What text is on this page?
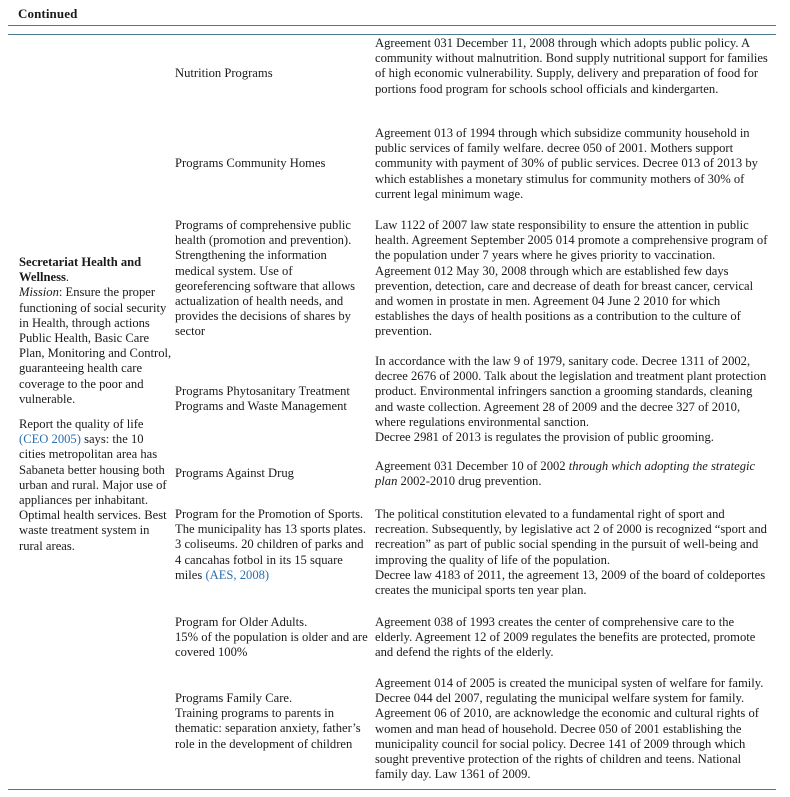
Continued

Secretariat Health and Wellness.
Mission: Ensure the proper functioning of social security in Health, through actions Public Health, Basic Care Plan, Monitoring and Control, guaranteeing health care coverage to the poor and vulnerable.

Report the quality of life (CEO 2005) says: the 10 cities metropolitan area has Sabaneta better housing both urban and rural. Major use of appliances per inhabitant. Optimal health services. Best waste treatment system in rural areas.

Nutrition Programs
Agreement 031 December 11, 2008 through which adopts public policy. A community without malnutrition. Bond supply nutritional support for families of high economic vulnerability. Supply, delivery and preparation of food for portions food program for schools school officials and kindergarten.
Programs Community Homes
Agreement 013 of 1994 through which subsidize community household in public services of family welfare. decree 050 of 2001. Mothers support community with payment of 30% of public services. Decree 013 of 2013 by which establishes a monetary stimulus for community mothers of 30% of current legal minimum wage.
Programs of comprehensive public health (promotion and prevention). Strengthening the information medical system. Use of georeferencing software that allows actualization of health needs, and provides the decisions of shares by sector
Law 1122 of 2007 law state responsibility to ensure the attention in public health. Agreement September 2005 014 promote a comprehensive program of the population under 7 years where he gives priority to vaccination. Agreement 012 May 30, 2008 through which are established few days prevention, detection, care and decrease of death for breast cancer, cervical and women in prostate in men. Agreement 04 June 2 2010 for which establishes the days of health positions as a contribution to the culture of prevention.
Programs Phytosanitary Treatment Programs and Waste Management
In accordance with the law 9 of 1979, sanitary code. Decree 1311 of 2002, decree 2676 of 2000. Talk about the legislation and treatment plant protection product. Environmental infringers sanction a grooming standards, cleaning and waste collection. Agreement 28 of 2009 and the decree 327 of 2010, where regulations environmental sanction.
Decree 2981 of 2013 is regulates the provision of public grooming.
Programs Against Drug	Agreement 031 December 10 of 2002 through which adopting the strategic plan 2002-2010 drug prevention.
Program for the Promotion of Sports.
The municipality has 13 sports plates. 3 coliseums. 20 children of parks and 4 cancahas fotbol in its 15 square miles (AES, 2008)
The political constitution elevated to a fundamental right of sport and recreation. Subsequently, by legislative act 2 of 2000 is recognized “sport and recreation” as part of public social spending in the pursuit of well-being and improving the quality of life of the population.
Decree law 4183 of 2011, the agreement 13, 2009 of the board of coldeportes creates the municipal sports ten year plan.
Program for Older Adults.
15% of the population is older and are covered 100%
Agreement 038 of 1993 creates the center of comprehensive care to the elderly. Agreement 12 of 2009 regulates the benefits are protected, promote and defend the rights of the elderly.
Programs Family Care.
Training programs to parents in thematic: separation anxiety, father’s role in the development of children
Agreement 014 of 2005 is created the municipal systen of welfare for family. Decree 044 del 2007, regulating the municipal welfare system for family. Agreement 06 of 2010, are acknowledge the economic and cultural rights of women and man head of household. Decree 050 of 2001 establishing the municipality council for social policy. Decree 141 of 2009 through which sought preventive protection of the rights of children and teens. National family day. Law 1361 of 2009.
